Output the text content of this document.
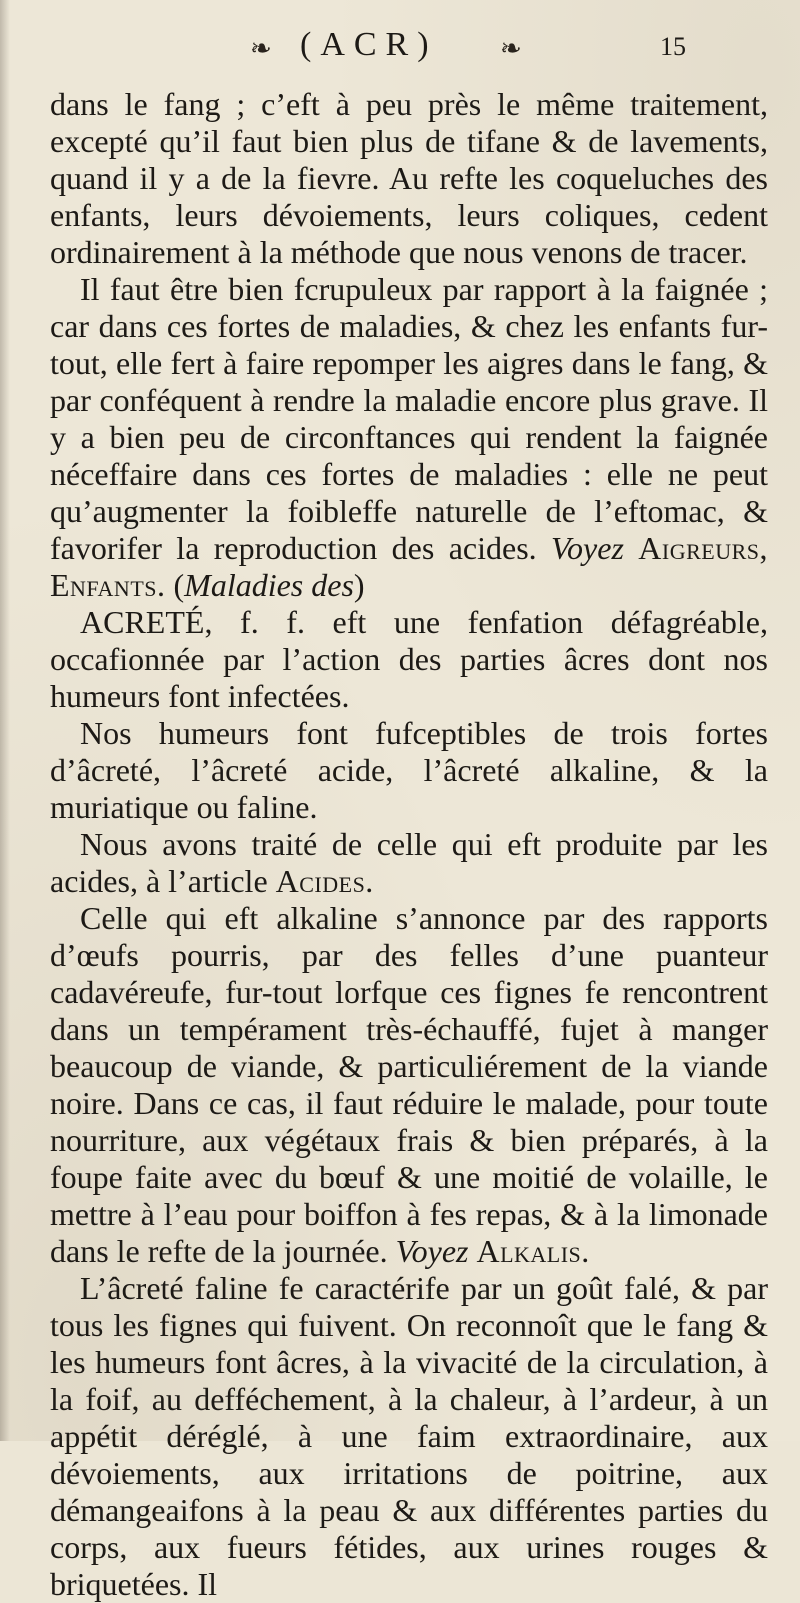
❧ (ACR) ❧	15

dans le fang ; c’eft à peu près le même traitement, excepté qu’il faut bien plus de tifane & de lavements, quand il y a de la fievre. Au refte les coqueluches des enfants, leurs dévoiements, leurs coliques, cedent ordinairement à la méthode que nous venons de tracer.

Il faut être bien fcrupuleux par rapport à la faignée ; car dans ces fortes de maladies, & chez les enfants fur-tout, elle fert à faire repomper les aigres dans le fang, & par conféquent à rendre la maladie encore plus grave. Il y a bien peu de circonftances qui rendent la faignée néceffaire dans ces fortes de maladies : elle ne peut qu’augmenter la foibleffe naturelle de l’eftomac, & favorifer la reproduction des acides. Voyez Aigreurs, Enfants. (Maladies des)

ACRETÉ, f. f. eft une fenfation défagréable, occafionnée par l’action des parties âcres dont nos humeurs font infectées.

Nos humeurs font fufceptibles de trois fortes d’âcreté, l’âcreté acide, l’âcreté alkaline, & la muriatique ou faline.

Nous avons traité de celle qui eft produite par les acides, à l’article Acides.

Celle qui eft alkaline s’annonce par des rapports d’œufs pourris, par des felles d’une puanteur cadavéreufe, fur-tout lorfque ces fignes fe rencontrent dans un tempérament très-échauffé, fujet à manger beaucoup de viande, & particuliérement de la viande noire. Dans ce cas, il faut réduire le malade, pour toute nourriture, aux végétaux frais & bien préparés, à la foupe faite avec du bœuf & une moitié de volaille, le mettre à l’eau pour boiffon à fes repas, & à la limonade dans le refte de la journée. Voyez Alkalis.

L’âcreté faline fe caractérife par un goût falé, & par tous les fignes qui fuivent. On reconnoît que le fang & les humeurs font âcres, à la vivacité de la circulation, à la foif, au defféchement, à la chaleur, à l’ardeur, à un appétit déréglé, à une faim extraordinaire, aux dévoiements, aux irritations de poitrine, aux démangeaifons à la peau & aux différentes parties du corps, aux fueurs fétides, aux urines rouges & briquetées. Il
